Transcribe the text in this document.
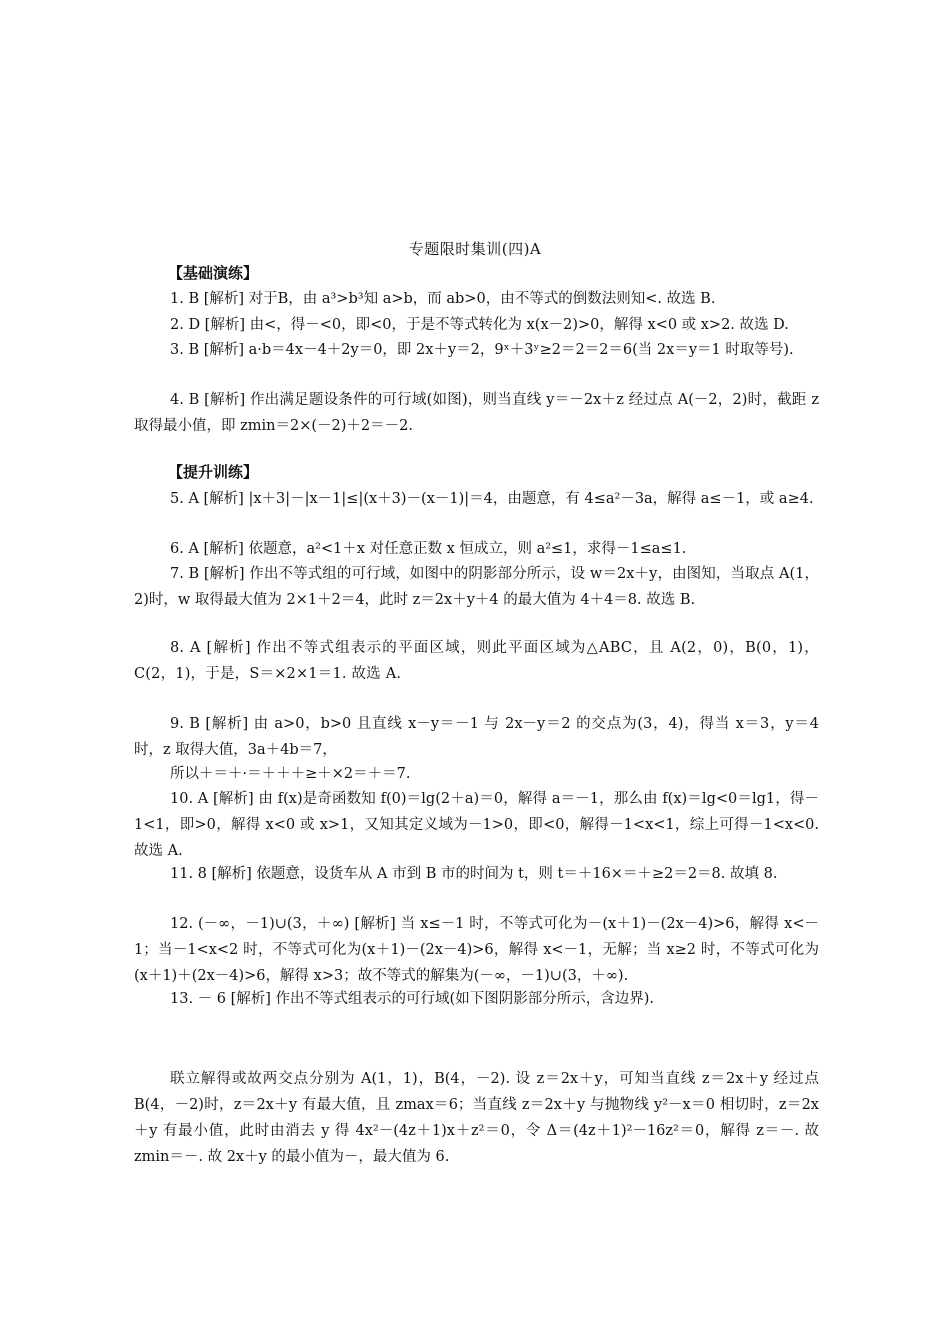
专题限时集训(四)A
【基础演练】
1. B [解析] 对于B，由 a³>b³知 a>b，而 ab>0，由不等式的倒数法则知<. 故选 B.
2. D [解析] 由<，得－<0，即<0，于是不等式转化为 x(x－2)>0，解得 x<0 或 x>2. 故选 D.
3. B [解析] a·b＝4x－4＋2y＝0，即 2x＋y＝2，9ˣ＋3ʸ≥2＝2＝2＝6(当 2x＝y＝1 时取等号).
4. B [解析] 作出满足题设条件的可行域(如图)，则当直线 y＝－2x＋z 经过点 A(－2，2)时，截距 z 取得最小值，即 zmin＝2×(－2)＋2＝－2.
【提升训练】
5. A [解析] |x＋3|－|x－1|≤|(x＋3)－(x－1)|＝4，由题意，有 4≤a²－3a，解得 a≤－1，或 a≥4.
6. A [解析] 依题意，a²<1＋x 对任意正数 x 恒成立，则 a²≤1，求得－1≤a≤1.
7. B [解析] 作出不等式组的可行域，如图中的阴影部分所示，设 w＝2x＋y，由图知，当取点 A(1，2)时，w 取得最大值为 2×1＋2＝4，此时 z＝2x＋y＋4 的最大值为 4＋4＝8. 故选 B.
8. A [解析] 作出不等式组表示的平面区域，则此平面区域为△ABC，且 A(2，0)，B(0，1)，C(2，1)，于是，S＝×2×1＝1. 故选 A.
9. B [解析] 由 a>0，b>0 且直线 x－y＝－1 与 2x－y＝2 的交点为(3，4)，得当 x＝3，y＝4 时，z 取得大值，3a＋4b＝7，
所以＋＝＋·＝＋＋＋≥＋×2＝＋＝7.
10. A [解析] 由 f(x)是奇函数知 f(0)＝lg(2＋a)＝0，解得 a＝－1，那么由 f(x)＝lg<0＝lg1，得－1<1，即>0，解得 x<0 或 x>1，又知其定义域为－1>0，即<0，解得－1<x<1，综上可得－1<x<0. 故选 A.
11. 8 [解析] 依题意，设货车从 A 市到 B 市的时间为 t，则 t＝＋16×＝＋≥2＝2＝8. 故填 8.
12. (－∞，－1)∪(3，＋∞) [解析] 当 x≤－1 时，不等式可化为－(x＋1)－(2x－4)>6，解得 x<－1；当－1<x<2 时，不等式可化为(x＋1)－(2x－4)>6，解得 x<－1，无解；当 x≥2 时，不等式可化为(x＋1)＋(2x－4)>6，解得 x>3；故不等式的解集为(－∞，－1)∪(3，＋∞).
13. － 6 [解析] 作出不等式组表示的可行域(如下图阴影部分所示，含边界).
联立解得或故两交点分别为 A(1，1)，B(4，－2). 设 z＝2x＋y，可知当直线 z＝2x＋y 经过点 B(4，－2)时，z＝2x＋y 有最大值，且 zmax＝6；当直线 z＝2x＋y 与抛物线 y²－x＝0 相切时，z＝2x＋y 有最小值，此时由消去 y 得 4x²－(4z＋1)x＋z²＝0，令 Δ＝(4z＋1)²－16z²＝0，解得 z＝－. 故 zmin＝－. 故 2x＋y 的最小值为－，最大值为 6.
